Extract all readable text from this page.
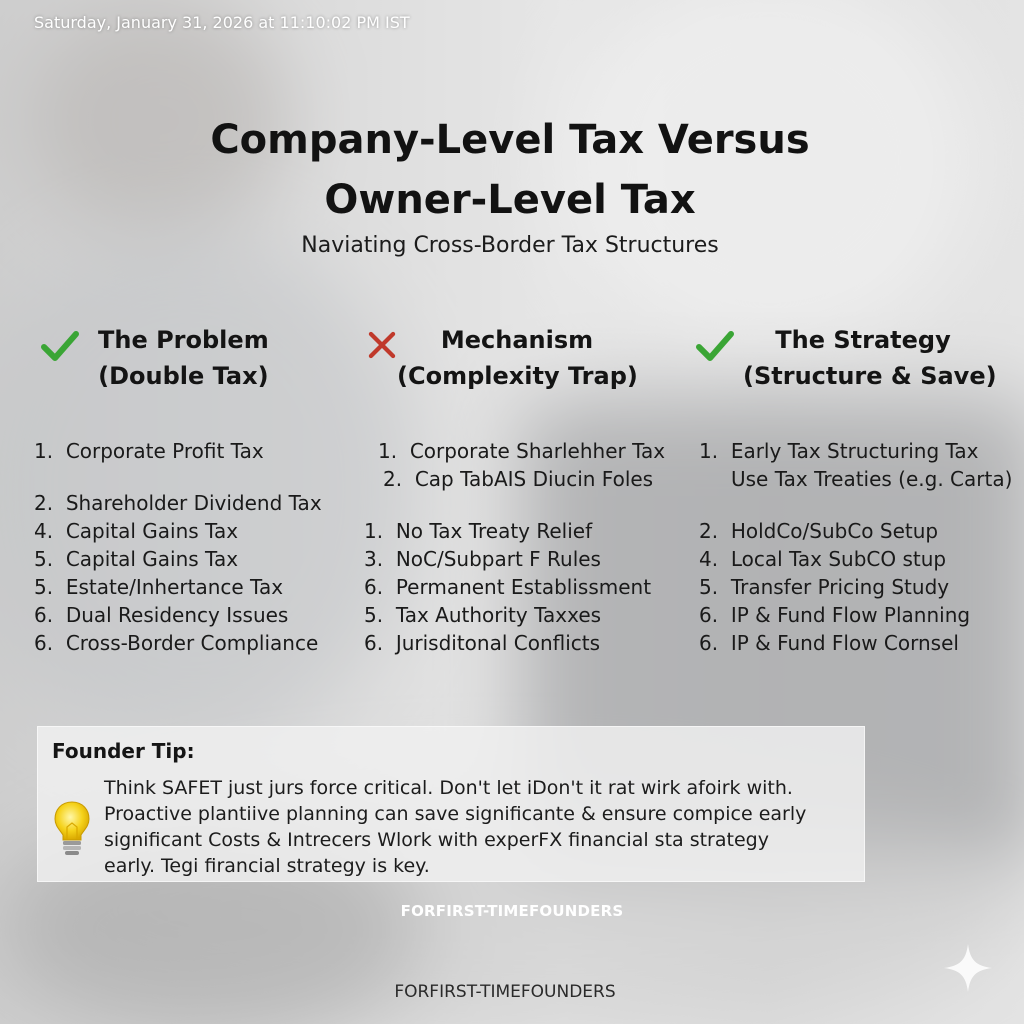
Saturday, January 31, 2026 at 11:10:02 PM IST
Company-Level Tax Versus
Owner-Level Tax
Naviating Cross-Border Tax Structures
The Problem
(Double Tax)
Mechanism
(Complexity Trap)
The Strategy
(Structure & Save)
1. Corporate Profit Tax
2. Shareholder Dividend Tax
4. Capital Gains Tax
5. Capital Gains Tax
5. Estate/Inhertance Tax
6. Dual Residency Issues
6. Cross-Border Compliance
1. Corporate Sharlehher Tax
2. Cap TabAIS Diucin Foles
1. No Tax Treaty Relief
3. NoC/Subpart F Rules
6. Permanent Establissment
5. Tax Authority Taxxes
6. Jurisditonal Conflicts
1. Early Tax Structuring Tax
Use Tax Treaties (e.g. Carta)
2. HoldCo/SubCo Setup
4. Local Tax SubCO stup
5. Transfer Pricing Study
6. IP & Fund Flow Planning
6. IP & Fund Flow Cornsel
Founder Tip:
Think SAFET just jurs force critical. Don't let iDon't it rat wirk afoirk with.
Proactive plantiive planning can save significante & ensure compice early
significant Costs & Intrecers Wlork with experFX financial sta strategy
early. Tegi firancial strategy is key.
FORFIRST-TIMEFOUNDERS
FORFIRST-TIMEFOUNDERS
